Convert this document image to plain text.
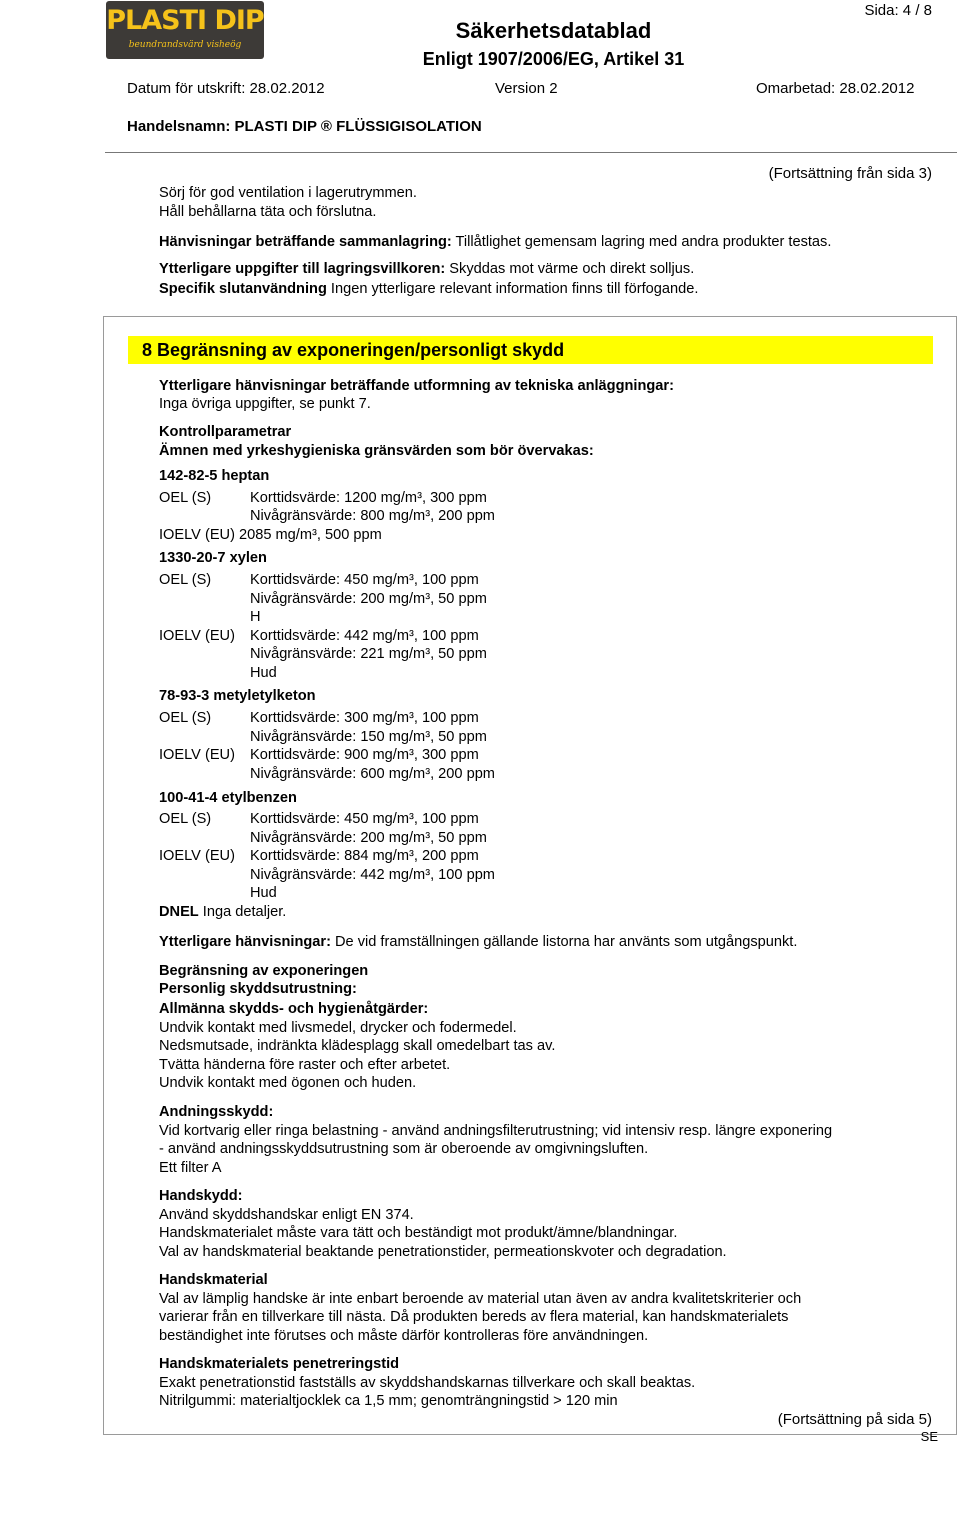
PLASTI DIP
beundrandsvärd visheög
Säkerhetsdatablad
Enligt 1907/2006/EG, Artikel 31
Sida: 4 / 8
Datum för utskrift: 28.02.2012	Version 2	Omarbetad: 28.02.2012
Handelsnamn: PLASTI DIP ® FLÜSSIGISOLATION
(Fortsättning från sida 3)
Sörj för god ventilation i lagerutrymmen.
Håll behållarna täta och förslutna.
Hänvisningar beträffande sammanlagring: Tillåtlighet gemensam lagring med andra produkter testas.
Ytterligare uppgifter till lagringsvillkoren: Skyddas mot värme och direkt solljus.
Specifik slutanvändning Ingen ytterligare relevant information finns till förfogande.
8 Begränsning av exponeringen/personligt skydd
Ytterligare hänvisningar beträffande utformning av tekniska anläggningar:
Inga övriga uppgifter, se punkt 7.
Kontrollparametrar
Ämnen med yrkeshygieniska gränsvärden som bör övervakas:
142-82-5 heptan
OEL (S)	Korttidsvärde: 1200 mg/m³, 300 ppm
Nivågränsvärde: 800 mg/m³, 200 ppm
IOELV (EU) 2085 mg/m³, 500 ppm
1330-20-7 xylen
OEL (S)	Korttidsvärde: 450 mg/m³, 100 ppm
Nivågränsvärde: 200 mg/m³, 50 ppm
H
IOELV (EU) Korttidsvärde: 442 mg/m³, 100 ppm
Nivågränsvärde: 221 mg/m³, 50 ppm
Hud
78-93-3 metyletylketon
OEL (S)	Korttidsvärde: 300 mg/m³, 100 ppm
Nivågränsvärde: 150 mg/m³, 50 ppm
IOELV (EU) Korttidsvärde: 900 mg/m³, 300 ppm
Nivågränsvärde: 600 mg/m³, 200 ppm
100-41-4 etylbenzen
OEL (S)	Korttidsvärde: 450 mg/m³, 100 ppm
Nivågränsvärde: 200 mg/m³, 50 ppm
IOELV (EU) Korttidsvärde: 884 mg/m³, 200 ppm
Nivågränsvärde: 442 mg/m³, 100 ppm
Hud
DNEL Inga detaljer.
Ytterligare hänvisningar: De vid framställningen gällande listorna har använts som utgångspunkt.
Begränsning av exponeringen
Personlig skyddsutrustning:
Allmänna skydds- och hygienåtgärder:
Undvik kontakt med livsmedel, drycker och fodermedel.
Nedsmutsade, indränkta klädesplagg skall omedelbart tas av.
Tvätta händerna före raster och efter arbetet.
Undvik kontakt med ögonen och huden.
Andningsskydd:
Vid kortvarig eller ringa belastning - använd andningsfilterutrustning; vid intensiv resp. längre exponering
- använd andningsskyddsutrustning som är oberoende av omgivningsluften.
Ett filter A
Handskydd:
Använd skyddshandskar enligt EN 374.
Handskmaterialet måste vara tätt och beständigt mot produkt/ämne/blandningar.
Val av handskmaterial beaktande penetrationstider, permeationskvoter och degradation.
Handskmaterial
Val av lämplig handske är inte enbart beroende av material utan även av andra kvalitetskriterier och
varierar från en tillverkare till nästa. Då produkten bereds av flera material, kan handskmaterialets
beständighet inte förutses och måste därför kontrolleras före användningen.
Handskmaterialets penetreringstid
Exakt penetrationstid fastställs av skyddshandskarnas tillverkare och skall beaktas.
Nitrilgummi: materialtjocklek ca 1,5 mm; genomträngningstid > 120 min
(Fortsättning på sida 5)
SE
